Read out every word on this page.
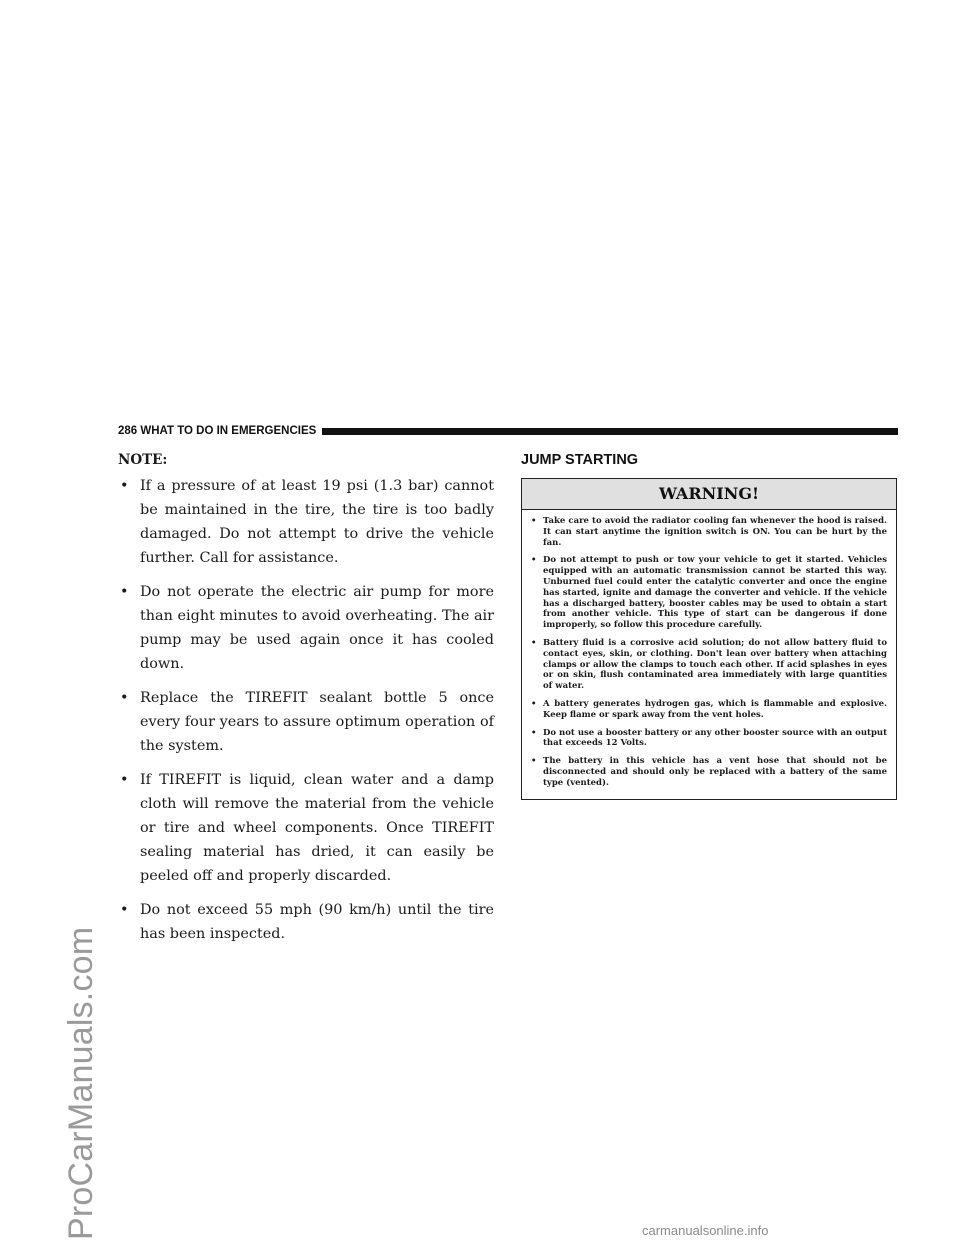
ProCarManuals.com
286 WHAT TO DO IN EMERGENCIES
NOTE:
• If a pressure of at least 19 psi (1.3 bar) cannot be maintained in the tire, the tire is too badly damaged. Do not attempt to drive the vehicle further. Call for assistance.
• Do not operate the electric air pump for more than eight minutes to avoid overheating. The air pump may be used again once it has cooled down.
• Replace the TIREFIT sealant bottle 5 once every four years to assure optimum operation of the system.
• If TIREFIT is liquid, clean water and a damp cloth will remove the material from the vehicle or tire and wheel components. Once TIREFIT sealing material has dried, it can easily be peeled off and properly discarded.
• Do not exceed 55 mph (90 km/h) until the tire has been inspected.
JUMP STARTING
WARNING!
• Take care to avoid the radiator cooling fan whenever the hood is raised. It can start anytime the ignition switch is ON. You can be hurt by the fan.
• Do not attempt to push or tow your vehicle to get it started. Vehicles equipped with an automatic transmission cannot be started this way. Unburned fuel could enter the catalytic converter and once the engine has started, ignite and damage the converter and vehicle. If the vehicle has a discharged battery, booster cables may be used to obtain a start from another vehicle. This type of start can be dangerous if done improperly, so follow this procedure carefully.
• Battery fluid is a corrosive acid solution; do not allow battery fluid to contact eyes, skin, or clothing. Don't lean over battery when attaching clamps or allow the clamps to touch each other. If acid splashes in eyes or on skin, flush contaminated area immediately with large quantities of water.
• A battery generates hydrogen gas, which is flammable and explosive. Keep flame or spark away from the vent holes.
• Do not use a booster battery or any other booster source with an output that exceeds 12 Volts.
• The battery in this vehicle has a vent hose that should not be disconnected and should only be replaced with a battery of the same type (vented).
carmanualsonline.info
